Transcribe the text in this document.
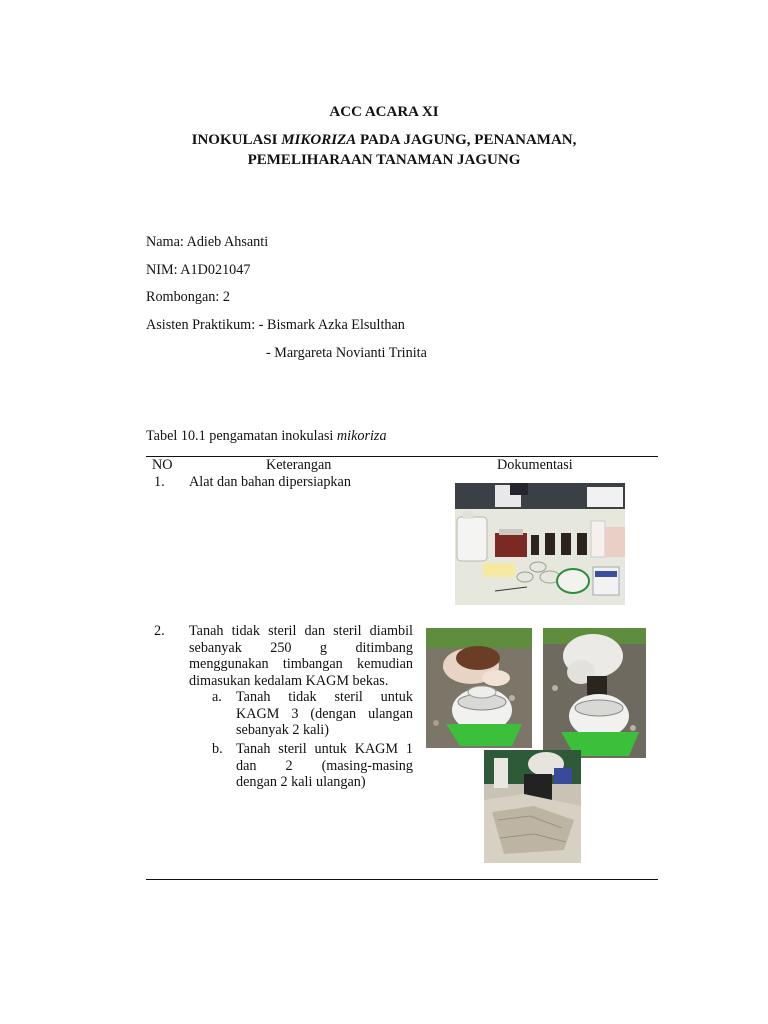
ACC ACARA XI
INOKULASI MIKORIZA PADA JAGUNG, PENANAMAN,
PEMELIHARAAN TANAMAN JAGUNG
Nama: Adieb Ahsanti
NIM: A1D021047
Rombongan: 2
Asisten Praktikum: - Bismark Azka Elsulthan
- Margareta Novianti Trinita
Tabel 10.1 pengamatan inokulasi mikoriza
NO	Keterangan	Dokumentasi
1. Alat dan bahan dipersiapkan
2. Tanah tidak steril dan steril diambil
sebanyak 250 g ditimbang
menggunakan timbangan kemudian
dimasukan kedalam KAGM bekas.
a. Tanah tidak steril untuk
KAGM 3 (dengan ulangan
sebanyak 2 kali)
b. Tanah steril untuk KAGM 1
dan 2 (masing-masing
dengan 2 kali ulangan)
